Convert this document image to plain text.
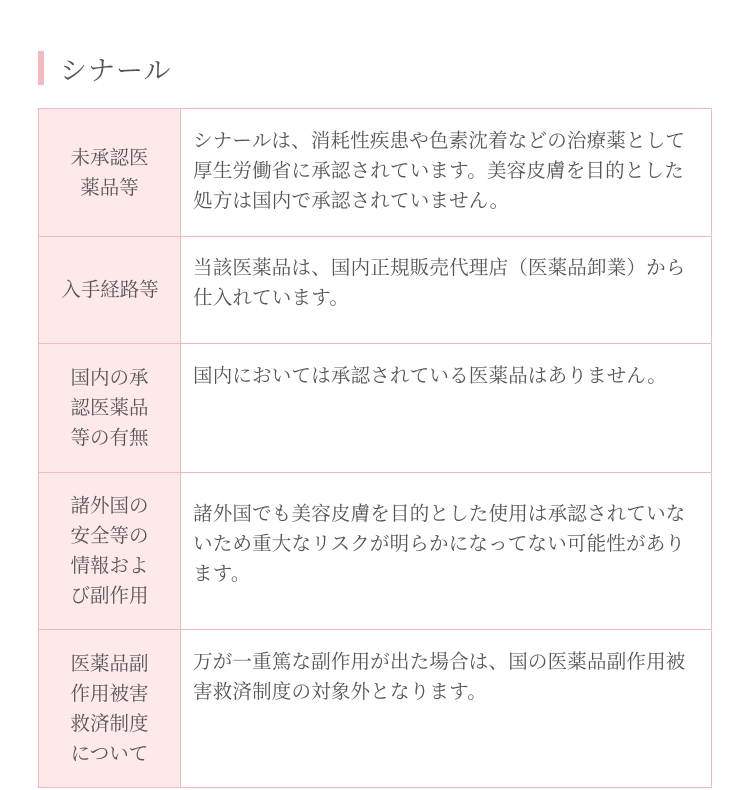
シナール
未承認医薬品等	シナールは、消耗性疾患や色素沈着などの治療薬として厚生労働省に承認されています。美容皮膚を目的とした処方は国内で承認されていません。

入手経路等	当該医薬品は、国内正規販売代理店（医薬品卸業）から仕入れています。

国内の承認医薬品等の有無	国内においては承認されている医薬品はありません。

諸外国の安全等の情報および副作用	諸外国でも美容皮膚を目的とした使用は承認されていないため重大なリスクが明らかになってない可能性があります。

医薬品副作用被害救済制度について	万が一重篤な副作用が出た場合は、国の医薬品副作用被害救済制度の対象外となります。
